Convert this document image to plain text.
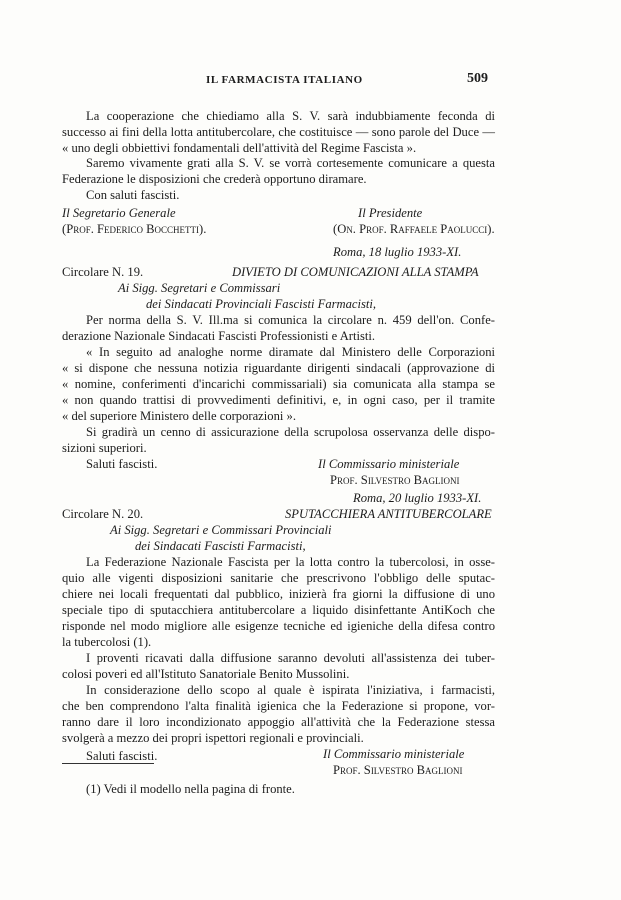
IL FARMACISTA ITALIANO	509
La cooperazione che chiediamo alla S. V. sarà indubbiamente feconda di
successo ai fini della lotta antitubercolare, che costituisce — sono parole del Duce —
« uno degli obbiettivi fondamentali dell'attività del Regime Fascista ».
Saremo vivamente grati alla S. V. se vorrà cortesemente comunicare a questa
Federazione le disposizioni che crederà opportuno diramare.
Con saluti fascisti.
Il Segretario Generale
(Prof. Federico Bocchetti).
Il Presidente
(On. Prof. Raffaele Paolucci).
Roma, 18 luglio 1933-XI.
Circolare N. 19.	DIVIETO DI COMUNICAZIONI ALLA STAMPA
Ai Sigg. Segretari e Commissari
dei Sindacati Provinciali Fascisti Farmacisti,
Per norma della S. V. Ill.ma si comunica la circolare n. 459 dell'on. Confe-
derazione Nazionale Sindacati Fascisti Professionisti e Artisti.
« In seguito ad analoghe norme diramate dal Ministero delle Corporazioni
« si dispone che nessuna notizia riguardante dirigenti sindacali (approvazione di
« nomine, conferimenti d'incarichi commissariali) sia comunicata alla stampa se
« non quando trattisi di provvedimenti definitivi, e, in ogni caso, per il tramite
« del superiore Ministero delle corporazioni ».
Si gradirà un cenno di assicurazione della scrupolosa osservanza delle dispo-
sizioni superiori.
Saluti fascisti.	Il Commissario ministeriale
Prof. Silvestro Baglioni
Roma, 20 luglio 1933-XI.
Circolare N. 20.	SPUTACCHIERA ANTITUBERCOLARE
Ai Sigg. Segretari e Commissari Provinciali
dei Sindacati Fascisti Farmacisti,
La Federazione Nazionale Fascista per la lotta contro la tubercolosi, in osse-
quio alle vigenti disposizioni sanitarie che prescrivono l'obbligo delle sputac-
chiere nei locali frequentati dal pubblico, inizierà fra giorni la diffusione di uno
speciale tipo di sputacchiera antitubercolare a liquido disinfettante AntiKoch che
risponde nel modo migliore alle esigenze tecniche ed igieniche della difesa contro
la tubercolosi (1).
I proventi ricavati dalla diffusione saranno devoluti all'assistenza dei tuber-
colosi poveri ed all'Istituto Sanatoriale Benito Mussolini.
In considerazione dello scopo al quale è ispirata l'iniziativa, i farmacisti,
che ben comprendono l'alta finalità igienica che la Federazione si propone, vor-
ranno dare il loro incondizionato appoggio all'attività che la Federazione stessa
svolgerà a mezzo dei propri ispettori regionali e provinciali.
Saluti fascisti.	Il Commissario ministeriale
Prof. Silvestro Baglioni
(1) Vedi il modello nella pagina di fronte.
